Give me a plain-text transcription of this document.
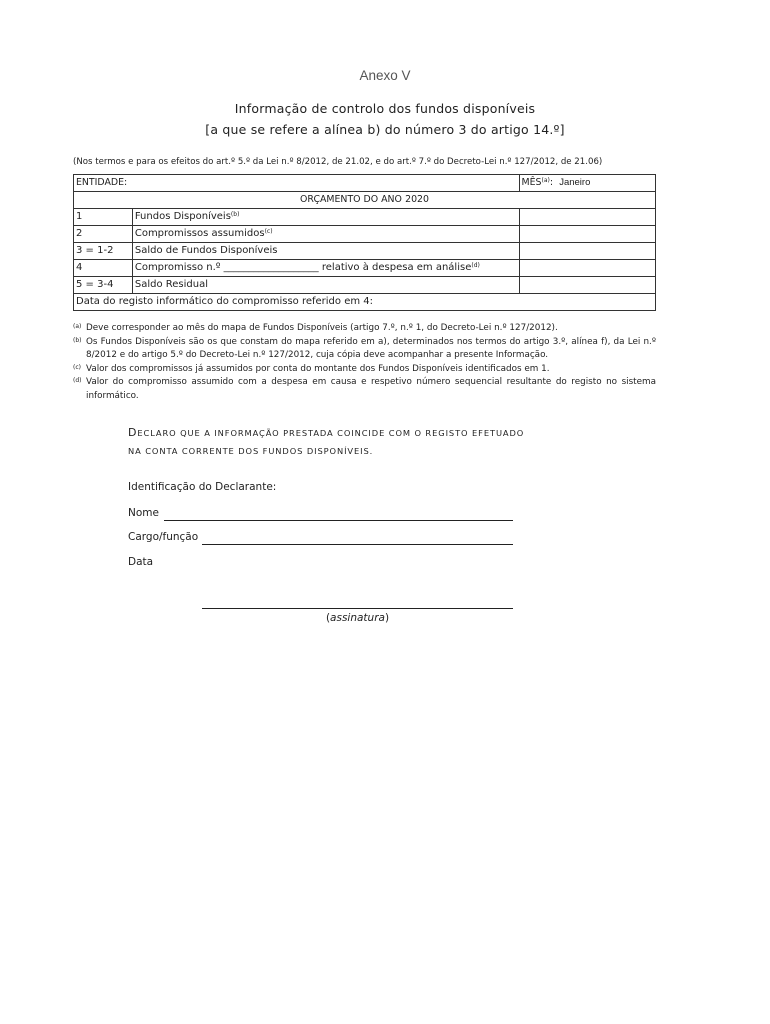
Anexo V
Informação de controlo dos fundos disponíveis
[a que se refere a alínea b) do número 3 do artigo 14.º]
(Nos termos e para os efeitos do art.º 5.º da Lei n.º 8/2012, de 21.02, e do art.º 7.º do Decreto-Lei n.º 127/2012, de 21.06)
ENTIDADE:		MÊS$^{(a)}$: Janeiro
ORÇAMENTO DO ANO 2020		
1	Fundos Disponíveis$^{(b)}$	
2	Compromissos assumidos$^{(c)}$	
3 = 1-2	Saldo de Fundos Disponíveis	
4	Compromisso n.º ___________________ relativo à despesa em análise$^{(d)}$	
5 = 3-4	Saldo Residual	
Data do registo informático do compromisso referido em 4:		
(a) Deve corresponder ao mês do mapa de Fundos Disponíveis (artigo 7.º, n.º 1, do Decreto-Lei n.º 127/2012).
(b) Os Fundos Disponíveis são os que constam do mapa referido em a), determinados nos termos do artigo 3.º, alínea f), da Lei n.º 8/2012 e do artigo 5.º do Decreto-Lei n.º 127/2012, cuja cópia deve acompanhar a presente Informação.
(c) Valor dos compromissos já assumidos por conta do montante dos Fundos Disponíveis identificados em 1.
(d) Valor do compromisso assumido com a despesa em causa e respetivo número sequencial resultante do registo no sistema informático.
DECLARO QUE A INFORMAÇÃO PRESTADA COINCIDE COM O REGISTO EFETUADO
NA CONTA CORRENTE DOS FUNDOS DISPONÍVEIS.
Identificação do Declarante:
Nome
Cargo/função
Data
(assinatura)
